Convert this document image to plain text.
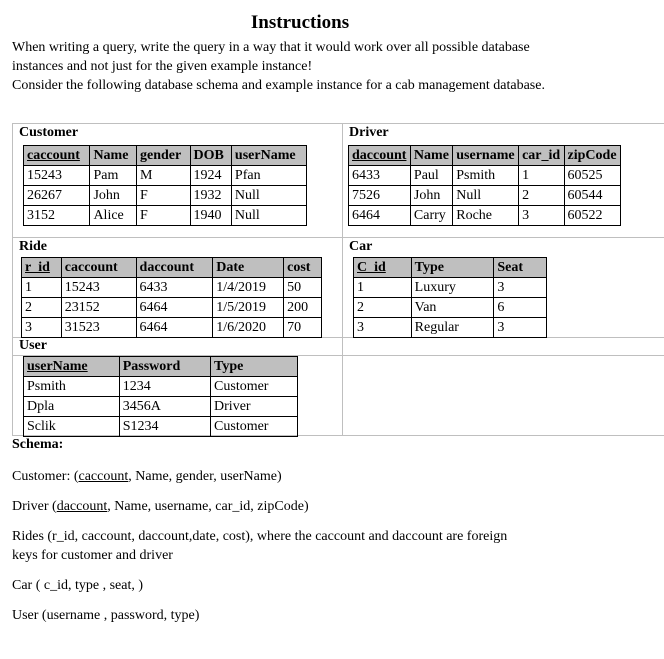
Instructions
When writing a query, write the query in a way that it would work over all possible database
instances and not just for the given example instance!
Consider the following database schema and example instance for a cab management database.
Customer
caccount	Name	gender	DOB	userName
15243	Pam	M	1924	Pfan
26267	John	F	1932	Null
3152	Alice	F	1940	Null
Driver
daccount	Name	username	car_id	zipCode
6433	Paul	Psmith	1	60525
7526	John	Null	2	60544
6464	Carry	Roche	3	60522
Ride
r_id	caccount	daccount	Date	cost
1	15243	6433	1/4/2019	50
2	23152	6464	1/5/2019	200
3	31523	6464	1/6/2020	70
Car
C_id	Type	Seat
1	Luxury	3
2	Van	6
3	Regular	3
User
userName	Password	Type
Psmith	1234	Customer
Dpla	3456A	Driver
Sclik	S1234	Customer
Schema:
Customer: (caccount, Name, gender, userName)
Driver (daccount, Name, username, car_id, zipCode)
Rides (r_id, caccount, daccount,date, cost), where the caccount and daccount are foreign
keys for customer and driver
Car ( c_id, type , seat, )
User (username , password, type)
